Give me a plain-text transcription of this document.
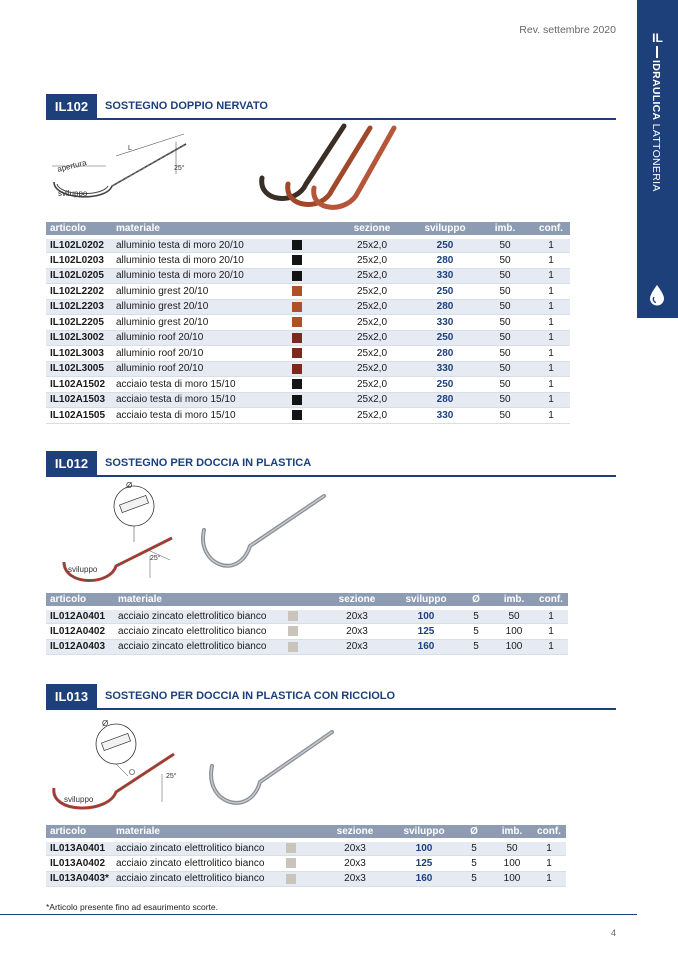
Rev. settembre 2020
IL
IDRAULICA LATTONERIA
IL102	SOSTEGNO DOPPIO NERVATO
L
25°
apertura
sviluppo
articolo	materiale		sezione	sviluppo	imb.	conf.
IL102L0202	alluminio testa di moro 20/10		25x2,0	250	50	1
IL102L0203	alluminio testa di moro 20/10		25x2,0	280	50	1
IL102L0205	alluminio testa di moro 20/10		25x2,0	330	50	1
IL102L2202	alluminio grest 20/10		25x2,0	250	50	1
IL102L2203	alluminio grest 20/10		25x2,0	280	50	1
IL102L2205	alluminio grest 20/10		25x2,0	330	50	1
IL102L3002	alluminio roof 20/10		25x2,0	250	50	1
IL102L3003	alluminio roof 20/10		25x2,0	280	50	1
IL102L3005	alluminio roof 20/10		25x2,0	330	50	1
IL102A1502	acciaio testa di moro 15/10		25x2,0	250	50	1
IL102A1503	acciaio testa di moro 15/10		25x2,0	280	50	1
IL102A1505	acciaio testa di moro 15/10		25x2,0	330	50	1
IL012	SOSTEGNO PER DOCCIA IN PLASTICA
Ø
25°
sviluppo
articolo	materiale		sezione	sviluppo	Ø	imb.	conf.
IL012A0401	acciaio zincato elettrolitico bianco		20x3	100	5	50	1
IL012A0402	acciaio zincato elettrolitico bianco		20x3	125	5	100	1
IL012A0403	acciaio zincato elettrolitico bianco		20x3	160	5	100	1
IL013	SOSTEGNO PER DOCCIA IN PLASTICA CON RICCIOLO
Ø
25°
sviluppo
articolo	materiale		sezione	sviluppo	Ø	imb.	conf.
IL013A0401	acciaio zincato elettrolitico bianco		20x3	100	5	50	1
IL013A0402	acciaio zincato elettrolitico bianco		20x3	125	5	100	1
IL013A0403*	acciaio zincato elettrolitico bianco		20x3	160	5	100	1
*Articolo presente fino ad esaurimento scorte.
4
